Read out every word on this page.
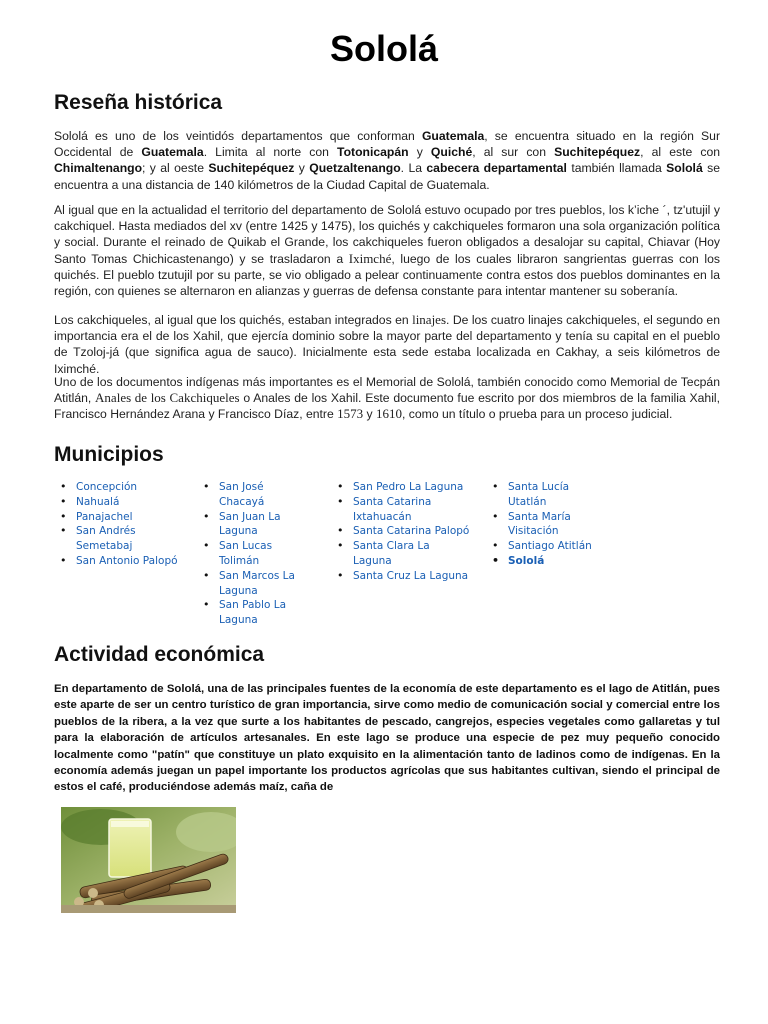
Sololá
Reseña histórica

Sololá es uno de los veintidós departamentos que conforman Guatemala, se encuentra situado en la región Sur Occidental de Guatemala. Limita al norte con Totonicapán y Quiché, al sur con Suchitepéquez, al este con Chimaltenango; y al oeste Suchitepéquez y Quetzaltenango. La cabecera departamental también llamada Sololá se encuentra a una distancia de 140 kilómetros de la Ciudad Capital de Guatemala.

Al igual que en la actualidad el territorio del departamento de Sololá estuvo ocupado por tres pueblos, los k’iche ´, tz'utujil y cakchiquel. Hasta mediados del xv (entre 1425 y 1475), los quichés y cakchiqueles formaron una sola organización política y social. Durante el reinado de Quikab el Grande, los cakchiqueles fueron obligados a desalojar su capital, Chiavar (Hoy Santo Tomas Chichicastenango) y se trasladaron a Iximché, luego de los cuales libraron sangrientas guerras con los quichés. El pueblo tzutujil por su parte, se vio obligado a pelear continuamente contra estos dos pueblos dominantes en la región, con quienes se alternaron en alianzas y guerras de defensa constante para intentar mantener su soberanía.

Los cakchiqueles, al igual que los quichés, estaban integrados en linajes. De los cuatro linajes cakchiqueles, el segundo en importancia era el de los Xahil, que ejercía dominio sobre la mayor parte del departamento y tenía su capital en el pueblo de Tzoloj-já (que significa agua de sauco). Inicialmente esta sede estaba localizada en Cakhay, a seis kilómetros de Iximché.

Uno de los documentos indígenas más importantes es el Memorial de Sololá, también conocido como Memorial de Tecpán Atitlán, Anales de los Cakchiqueles o Anales de los Xahil. Este documento fue escrito por dos miembros de la familia Xahil, Francisco Hernández Arana y Francisco Díaz, entre 1573 y 1610, como un título o prueba para un proceso judicial.

Municipios
• Concepción
• Nahualá
• Panajachel
• San Andrés Semetabaj
• San Antonio Palopó
• San José Chacayá
• San Juan La Laguna
• San Lucas Tolimán
• San Marcos La Laguna
• San Pablo La Laguna
• San Pedro La Laguna
• Santa Catarina Ixtahuacán
• Santa Catarina Palopó
• Santa Clara La Laguna
• Santa Cruz La Laguna
• Santa Lucía Utatlán
• Santa María Visitación
• Santiago Atitlán
• Sololá
Actividad económica

En departamento de Sololá, una de las principales fuentes de la economía de este departamento es el lago de Atitlán, pues este aparte de ser un centro turístico de gran importancia, sirve como medio de comunicación social y comercial entre los pueblos de la ribera, a la vez que surte a los habitantes de pescado, cangrejos, especies vegetales como gallaretas y tul para la elaboración de artículos artesanales. En este lago se produce una especie de pez muy pequeño conocido localmente como "patín" que constituye un plato exquisito en la alimentación tanto de ladinos como de indígenas. En la economía además juegan un papel importante los productos agrícolas que sus habitantes cultivan, siendo el principal de estos el café, produciéndose además maíz, caña de
